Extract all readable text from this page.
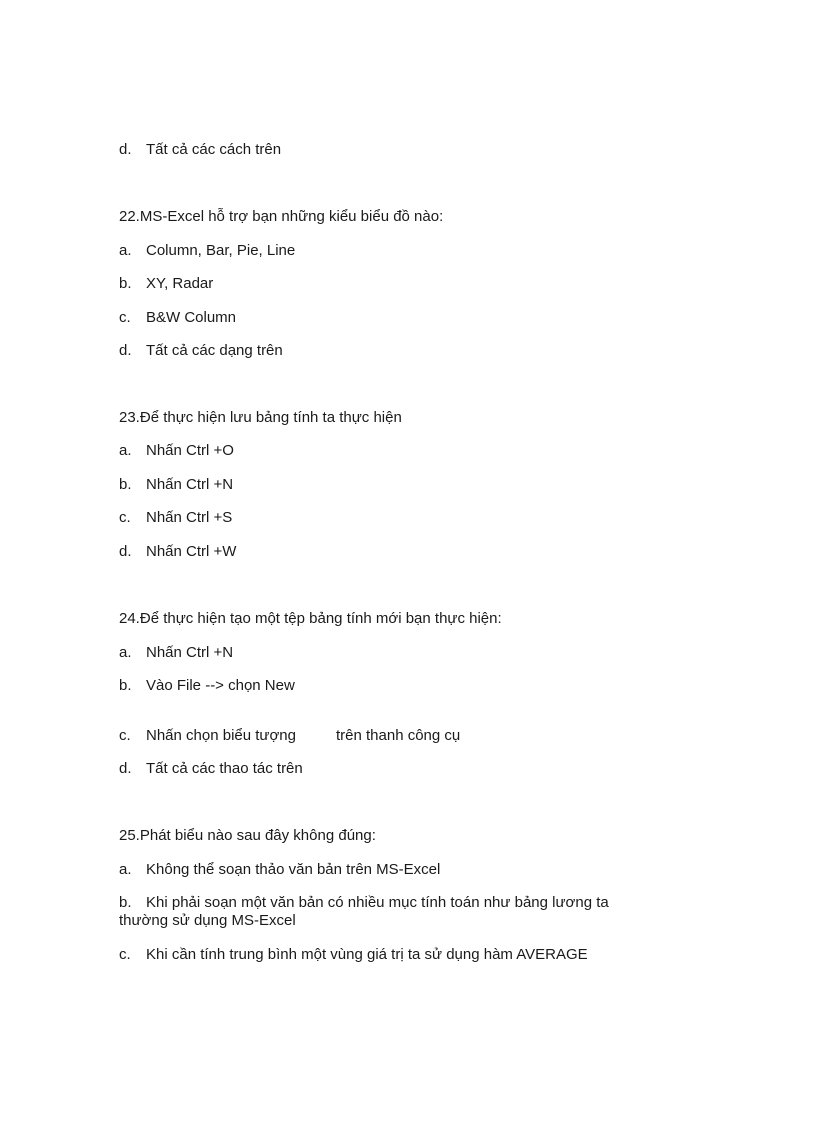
d. Tất cả các cách trên
22.MS-Excel hỗ trợ bạn những kiểu biểu đồ nào:
a. Column, Bar, Pie, Line
b. XY, Radar
c. B&W Column
d. Tất cả các dạng trên
23.Để thực hiện lưu bảng tính ta thực hiện
a. Nhấn Ctrl +O
b. Nhấn Ctrl +N
c. Nhấn Ctrl +S
d. Nhấn Ctrl +W
24.Để thực hiện tạo một tệp bảng tính mới bạn thực hiện:
a. Nhấn Ctrl +N
b. Vào File --> chọn New
c. Nhấn chọn biểu tượng	trên thanh công cụ
d. Tất cả các thao tác trên
25.Phát biểu nào sau đây không đúng:
a. Không thể soạn thảo văn bản trên MS-Excel
b. Khi phải soạn một văn bản có nhiều mục tính toán như bảng lương ta thường sử dụng MS-Excel
c. Khi cần tính trung bình một vùng giá trị ta sử dụng hàm AVERAGE
